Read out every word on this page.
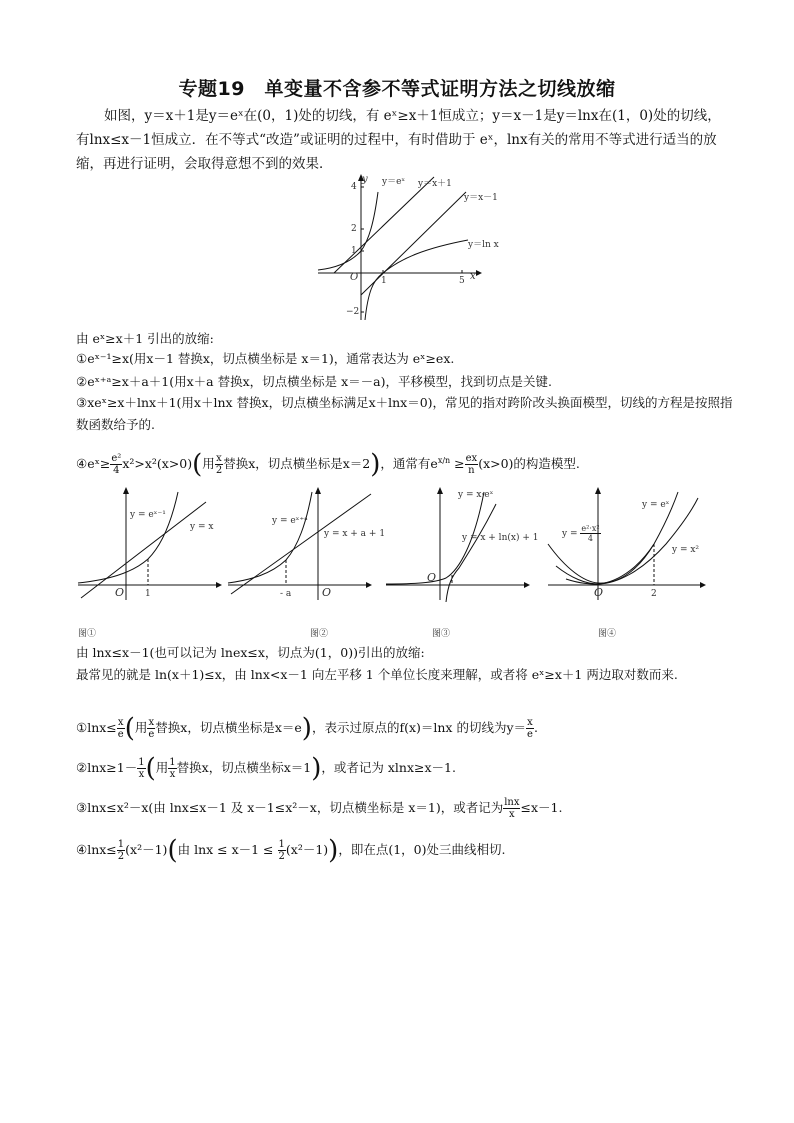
专题19　单变量不含参不等式证明方法之切线放缩
如图，y＝x＋1是y＝eˣ在(0，1)处的切线，有 eˣ≥x＋1恒成立；y＝x－1是y＝lnx在(1，0)处的切线，有lnx≤x－1恒成立．在不等式“改造”或证明的过程中，有时借助于 eˣ，lnx有关的常用不等式进行适当的放缩，再进行证明，会取得意想不到的效果．
y
x
O
y＝eˣ y＝x＋1
y＝x－1
y＝ln x
4
2
1
−2
1	5
由 eˣ≥x＋1 引出的放缩:
①eˣ⁻¹≥x(用x－1 替换x，切点横坐标是 x＝1)，通常表达为 eˣ≥ex.
②eˣ⁺ᵃ≥x＋a＋1(用x＋a 替换x，切点横坐标是 x＝－a)，平移模型，找到切点是关键.
③xeˣ≥x＋lnx＋1(用x＋lnx 替换x，切点横坐标满足x＋lnx＝0)，常见的指对跨阶改头换面模型，切线的方程是按照指数函数给予的.
④eˣ≥ $\frac{\text{e²}}{4} x^2>x^2(x>0)$(用 $\frac{x}{2}$ 替换x，切点横坐标是x＝2)，通常有$e^{x/n} \ge \frac{ex}{n} (x>0)$的构造模型.
y = eˣ⁻¹
y = x
1
O
图①
y = eˣ⁺ᵃ
y = x + a + 1
- a	O
图②
y = x·eˣ
y = x + ln(x) + 1
O
图③
y = eˣ
y = x²
$y = \frac{\text{e²·x²}}{4}$
2
O
图④
由 lnx≤x－1(也可以记为 lnex≤x，切点为(1，0))引出的放缩:
最常见的就是 ln(x＋1)≤x，由 lnx<x－1 向左平移 1 个单位长度来理解，或者将 eˣ≥x＋1 两边取对数而来.
①lnx≤ $\frac{x}{e}$ (用 $\frac{x}{e}$ 替换x，切点横坐标是x＝e)，表示过原点的f(x)＝lnx 的切线为$y= \frac{x}{e}$ .
②lnx≥1－ $\frac{1}{x}$ (用 $\frac{1}{x}$ 替换x，切点横坐标x＝1)，或者记为 xlnx≥x－1.
③lnx≤x²－x(由 lnx≤x－1 及 x－1≤x²－x，切点横坐标是 x＝1)，或者记为 $\frac{\ln x}{x} \le x-1$.
④lnx≤ $\frac{1}{2} (x^2-1)$(由 $\ln x \le x-1 \le \frac{1}{2} (x^2-1)$)，即在点(1，0)处三曲线相切.
